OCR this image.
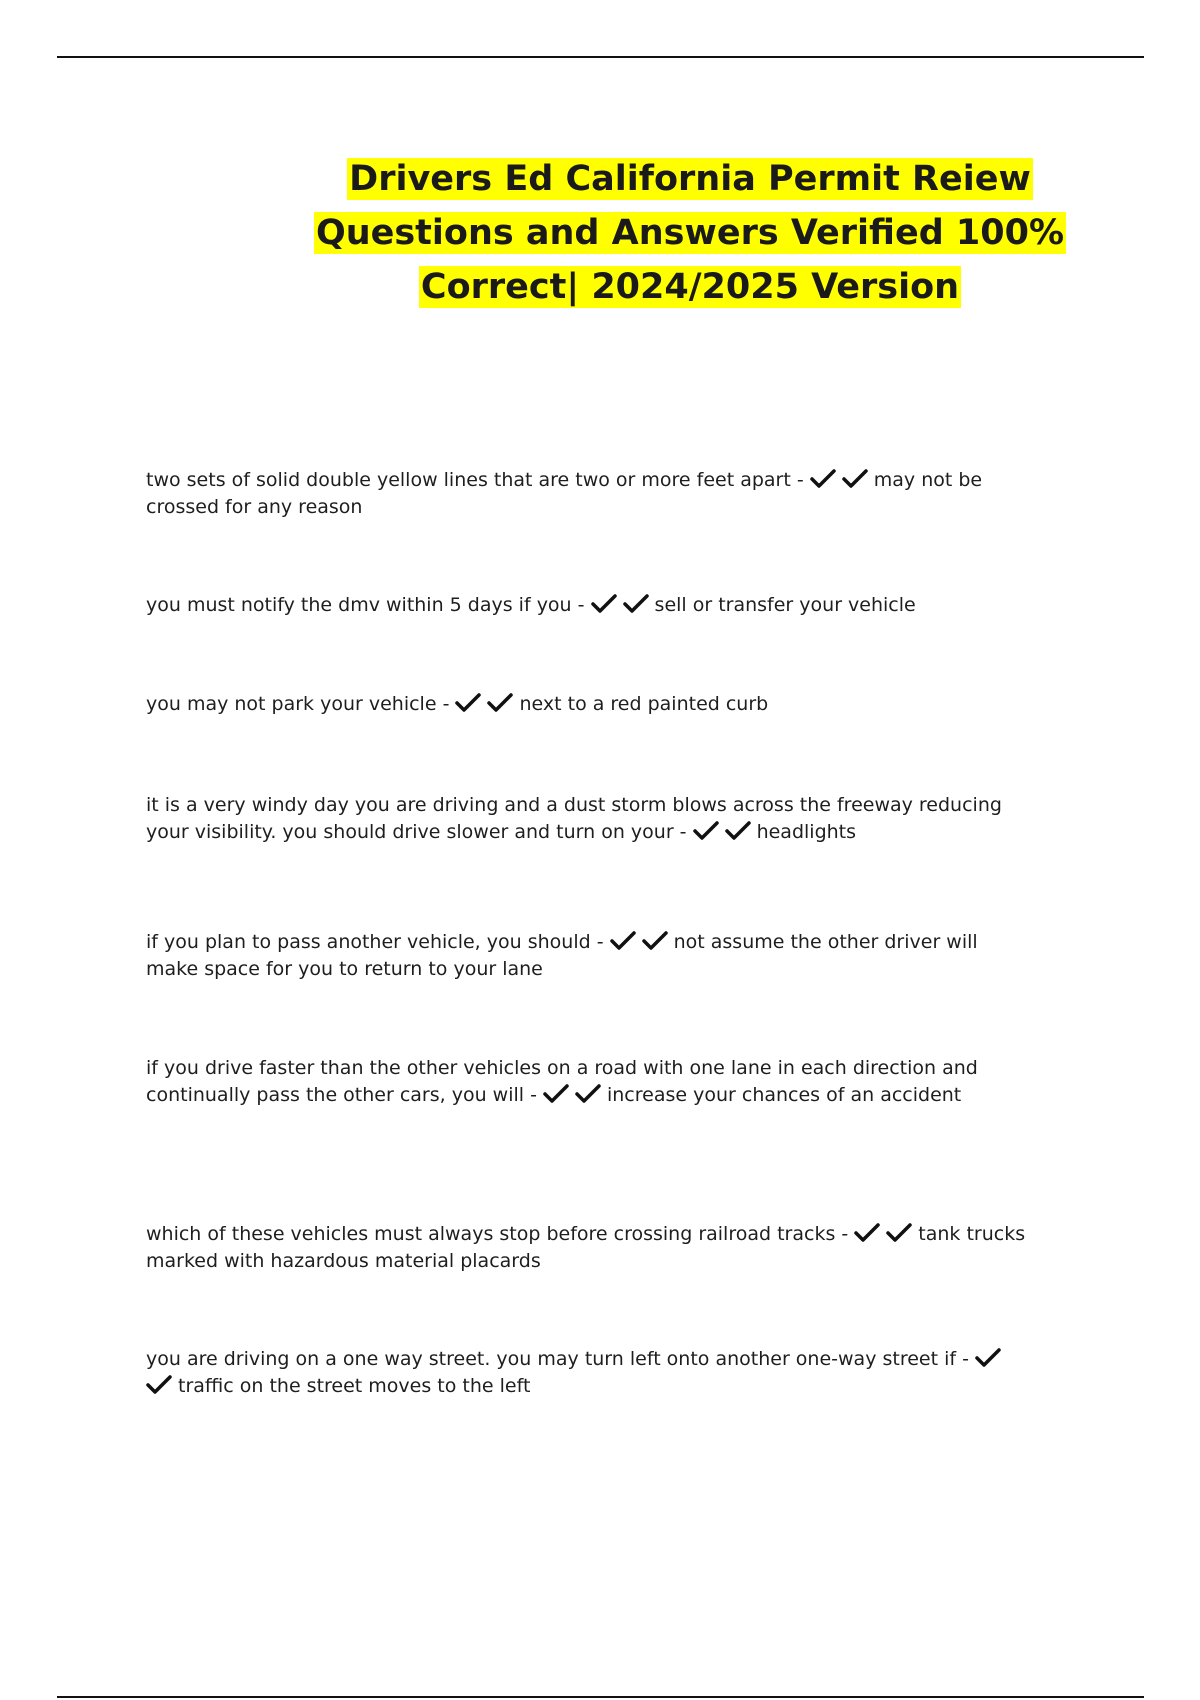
Drivers Ed California Permit Reiew
Questions and Answers Verified 100%
Correct| 2024/2025 Version
two sets of solid double yellow lines that are two or more feet apart -	may not be crossed for any reason
you must notify the dmv within 5 days if you -	sell or transfer your vehicle
you may not park your vehicle -	next to a red painted curb
it is a very windy day you are driving and a dust storm blows across the freeway reducing your visibility. you should drive slower and turn on your -	headlights
if you plan to pass another vehicle, you should -	not assume the other driver will make space for you to return to your lane
if you drive faster than the other vehicles on a road with one lane in each direction and continually pass the other cars, you will -	increase your chances of an accident
which of these vehicles must always stop before crossing railroad tracks -	tank trucks marked with hazardous material placards
you are driving on a one way street. you may turn left onto another one-way street if -
traffic on the street moves to the left
